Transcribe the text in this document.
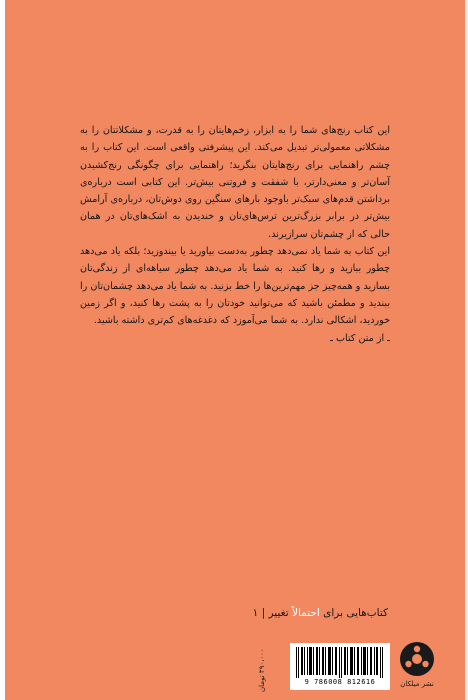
این کتاب رنج‌های شما را به ابزار، زخم‌هایتان را به قدرت، و مشکلاتتان را به مشکلاتی معمولی‌تر تبدیل می‌کند. این پیشرفتی واقعی است. این کتاب را به چشم راهنمایی برای رنج‌هایتان بنگرید؛ راهنمایی برای چگونگی رنج‌کشیدن آسان‌تر و معنی‌دارتر، با شفقت و فروتنی بیش‌تر. این کتابی است درباره‌ی برداشتن قدم‌های سبک‌تر با‌وجود بارهای سنگین روی دوش‌تان، درباره‌ی آرامش بیش‌تر در برابر بزرگ‌ترین ترس‌های‌تان و خندیدن به اشک‌های‌تان در همان حالی که از چشم‌تان سرازیرند.

این کتاب به شما یاد نمی‌دهد چطور به‌دست بیاورید یا بیندوزید؛ بلکه یاد می‌دهد چطور ببازید و رها کنید. به شما یاد می‌دهد چطور سیاهه‌ای از زندگی‌تان بسازید و همه‌چیز جز مهم‌ترین‌ها را خط بزنید. به شما یاد می‌دهد چشمان‌تان را ببندید و مطمئن باشید که می‌توانید خودتان را به پشت رها کنید، و اگر زمین خوردید، اشکالی ندارد. به شما می‌آموزد که دغدغه‌های کم‌تری داشته باشید.

ـ از متن کتاب ـ

کتاب‌هایی برای احتمالاً تغییر | ۱
۳۹۰،۰۰۰ تومان
9 786008 812616	نشر میلکان
